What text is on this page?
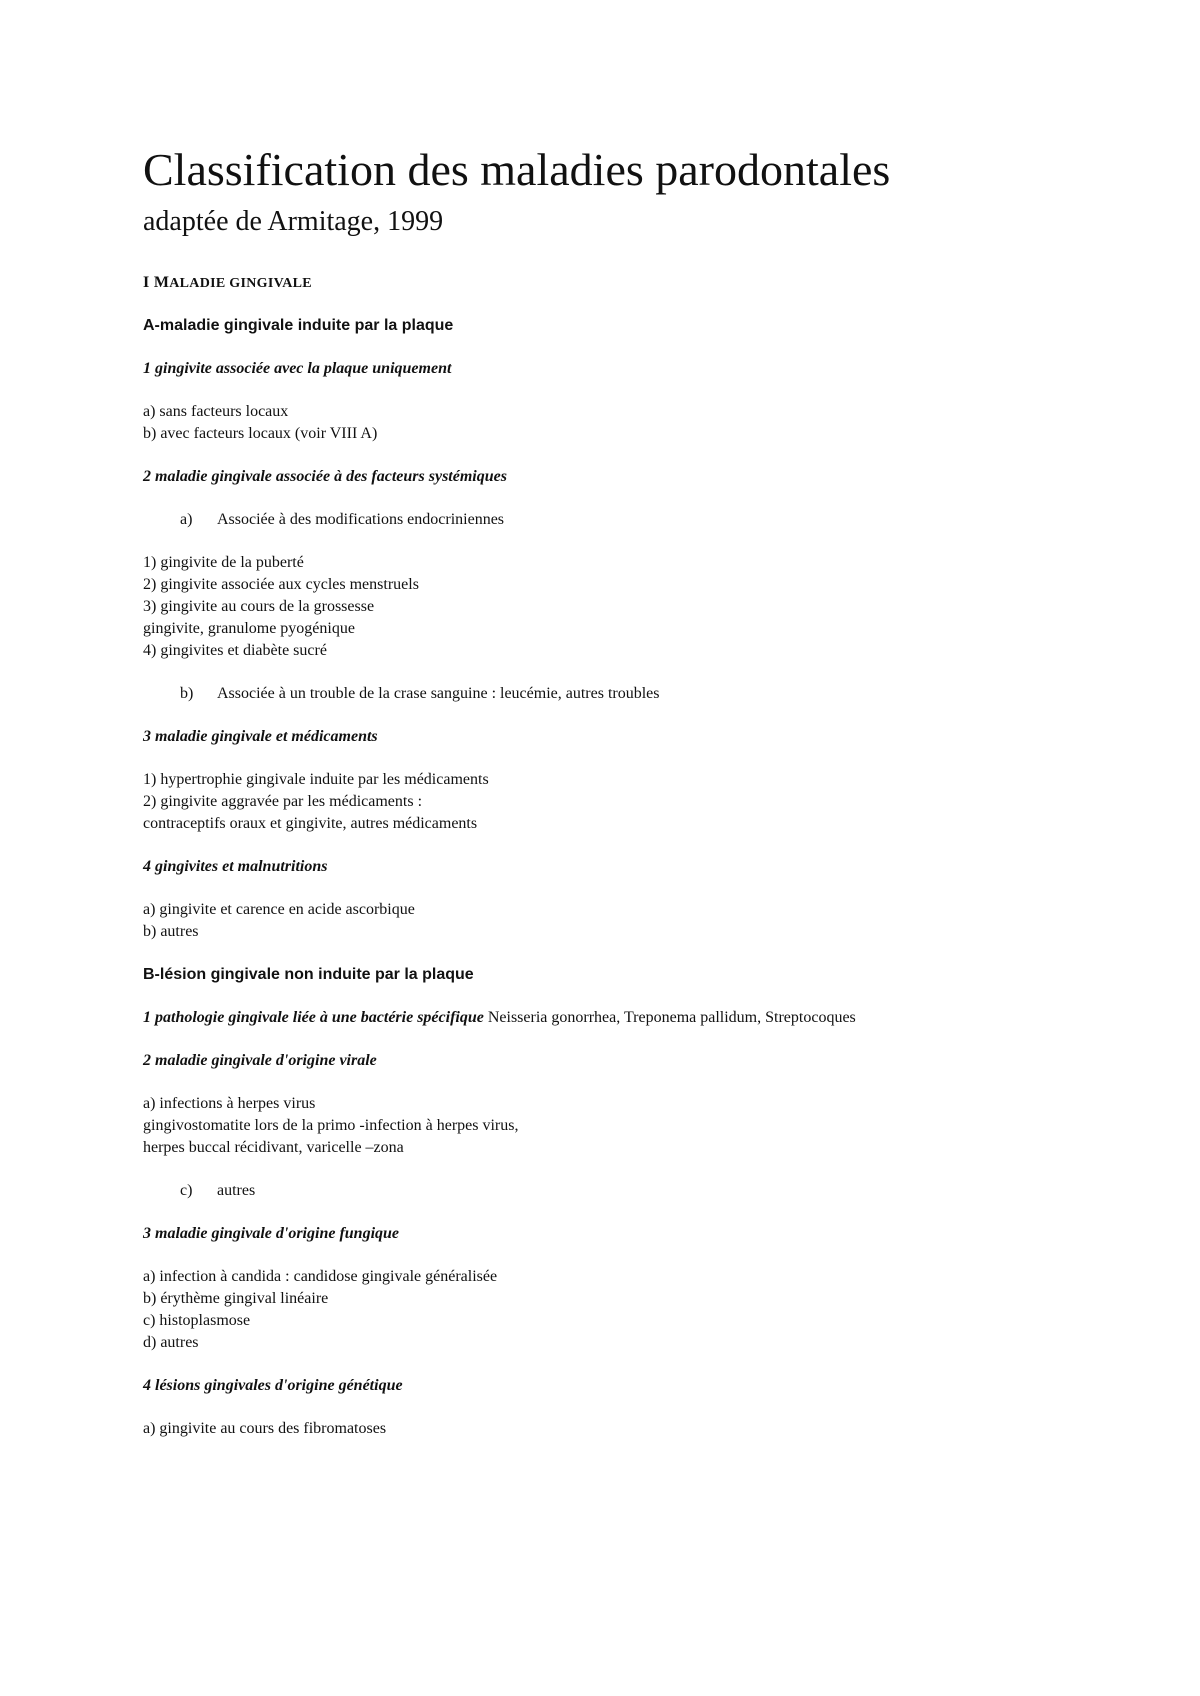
Classification des maladies parodontales
adaptée de Armitage, 1999
I MALADIE GINGIVALE
A-maladie gingivale induite par la plaque
1 gingivite associée avec la plaque uniquement
a) sans facteurs locaux
b) avec facteurs locaux (voir VIII A)
2 maladie gingivale associée à des facteurs systémiques
a) Associée à des modifications endocriniennes
1) gingivite de la puberté
2) gingivite associée aux cycles menstruels
3) gingivite au cours de la grossesse
gingivite, granulome pyogénique
4) gingivites et diabète sucré
b) Associée à un trouble de la crase sanguine : leucémie, autres troubles
3 maladie gingivale et médicaments
1) hypertrophie gingivale induite par les médicaments
2) gingivite aggravée par les médicaments :
contraceptifs oraux et gingivite, autres médicaments
4 gingivites et malnutritions
a) gingivite et carence en acide ascorbique
b) autres
B-lésion gingivale non induite par la plaque
1 pathologie gingivale liée à une bactérie spécifique Neisseria gonorrhea, Treponema pallidum, Streptocoques
2 maladie gingivale d'origine virale
a) infections à herpes virus
gingivostomatite lors de la primo -infection à herpes virus,
herpes buccal récidivant, varicelle –zona
c) autres
3 maladie gingivale d'origine fungique
a) infection à candida : candidose gingivale généralisée
b) érythème gingival linéaire
c) histoplasmose
d) autres
4 lésions gingivales d'origine génétique
a) gingivite au cours des fibromatoses
